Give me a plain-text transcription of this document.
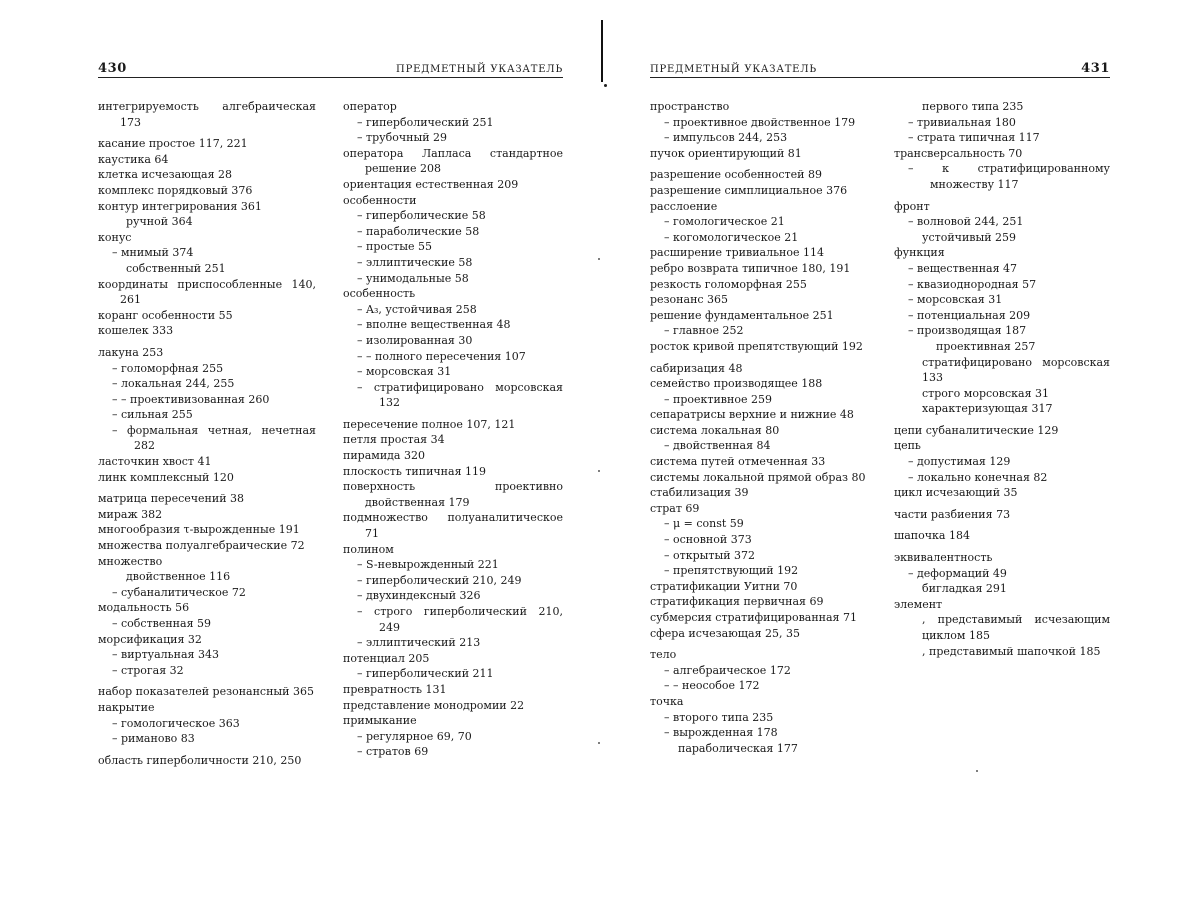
430	ПРЕДМЕТНЫЙ УКАЗАТЕЛЬ

интегрируемость алгебраическая 173

касание простое 117, 221

каустика 64

клетка исчезающая 28

комплекс порядковый 376

контур интегрирования 361

ручной 364

конус

– мнимый 374

собственный 251

координаты приспособленные 140, 261

коранг особенности 55

кошелек 333

лакуна 253

– голоморфная 255

– локальная 244, 255

– – проективизованная 260

– сильная 255

– формальная четная, нечетная 282

ласточкин хвост 41

линк комплексный 120

матрица пересечений 38

мираж 382

многообразия τ-вырожденные 191

множества полуалгебраические 72

множество

двойственное 116

– субаналитическое 72

модальность 56

– собственная 59

морсификация 32

– виртуальная 343

– строгая 32

набор показателей резонансный 365

накрытие

– гомологическое 363

– риманово 83

область гиперболичности 210, 250

оператор

– гиперболический 251

– трубочный 29

оператора Лапласа стандартное решение 208

ориентация естественная 209

особенности

– гиперболические 58

– параболические 58

– простые 55

– эллиптические 58

– унимодальные 58

особенность

– A₃, устойчивая 258

– вполне вещественная 48

– изолированная 30

– – полного пересечения 107

– морсовская 31

– стратифицировано морсовская 132

пересечение полное 107, 121

петля простая 34

пирамида 320

плоскость типичная 119

поверхность проективно двойственная 179

подмножество полуаналитическое 71

полином

– S-невырожденный 221

– гиперболический 210, 249

– двухиндексный 326

– строго гиперболический 210, 249

– эллиптический 213

потенциал 205

– гиперболический 211

превратность 131

представление монодромии 22

примыкание

– регулярное 69, 70

– стратов 69

ПРЕДМЕТНЫЙ УКАЗАТЕЛЬ	431

пространство

– проективное двойственное 179

– импульсов 244, 253

пучок ориентирующий 81

разрешение особенностей 89

разрешение симплициальное 376

расслоение

– гомологическое 21

– когомологическое 21

расширение тривиальное 114

ребро возврата типичное 180, 191

резкость голоморфная 255

резонанс 365

решение фундаментальное 251

– главное 252

росток кривой препятствующий 192

сабиризация 48

семейство производящее 188

– проективное 259

сепаратрисы верхние и нижние 48

система локальная 80

– двойственная 84

система путей отмеченная 33

системы локальной прямой образ 80

стабилизация 39

страт 69

– μ = const 59

– основной 373

– открытый 372

– препятствующий 192

стратификации Уитни 70

стратификация первичная 69

субмерсия стратифицированная 71

сфера исчезающая 25, 35

тело

– алгебраическое 172

– – неособое 172

точка

– второго типа 235

– вырожденная 178

параболическая 177

первого типа 235

– тривиальная 180

– страта типичная 117

трансверсальность 70

– к стратифицированному множеству 117

фронт

– волновой 244, 251

устойчивый 259

функция

– вещественная 47

– квазиоднородная 57

– морсовская 31

– потенциальная 209

– производящая 187

проективная 257

стратифицировано морсовская 133

строго морсовская 31

характеризующая 317

цепи субаналитические 129

цепь

– допустимая 129

– локально конечная 82

цикл исчезающий 35

части разбиения 73

шапочка 184

эквивалентность

– деформаций 49

бигладкая 291

элемент

, представимый исчезающим циклом 185

, представимый шапочкой 185
